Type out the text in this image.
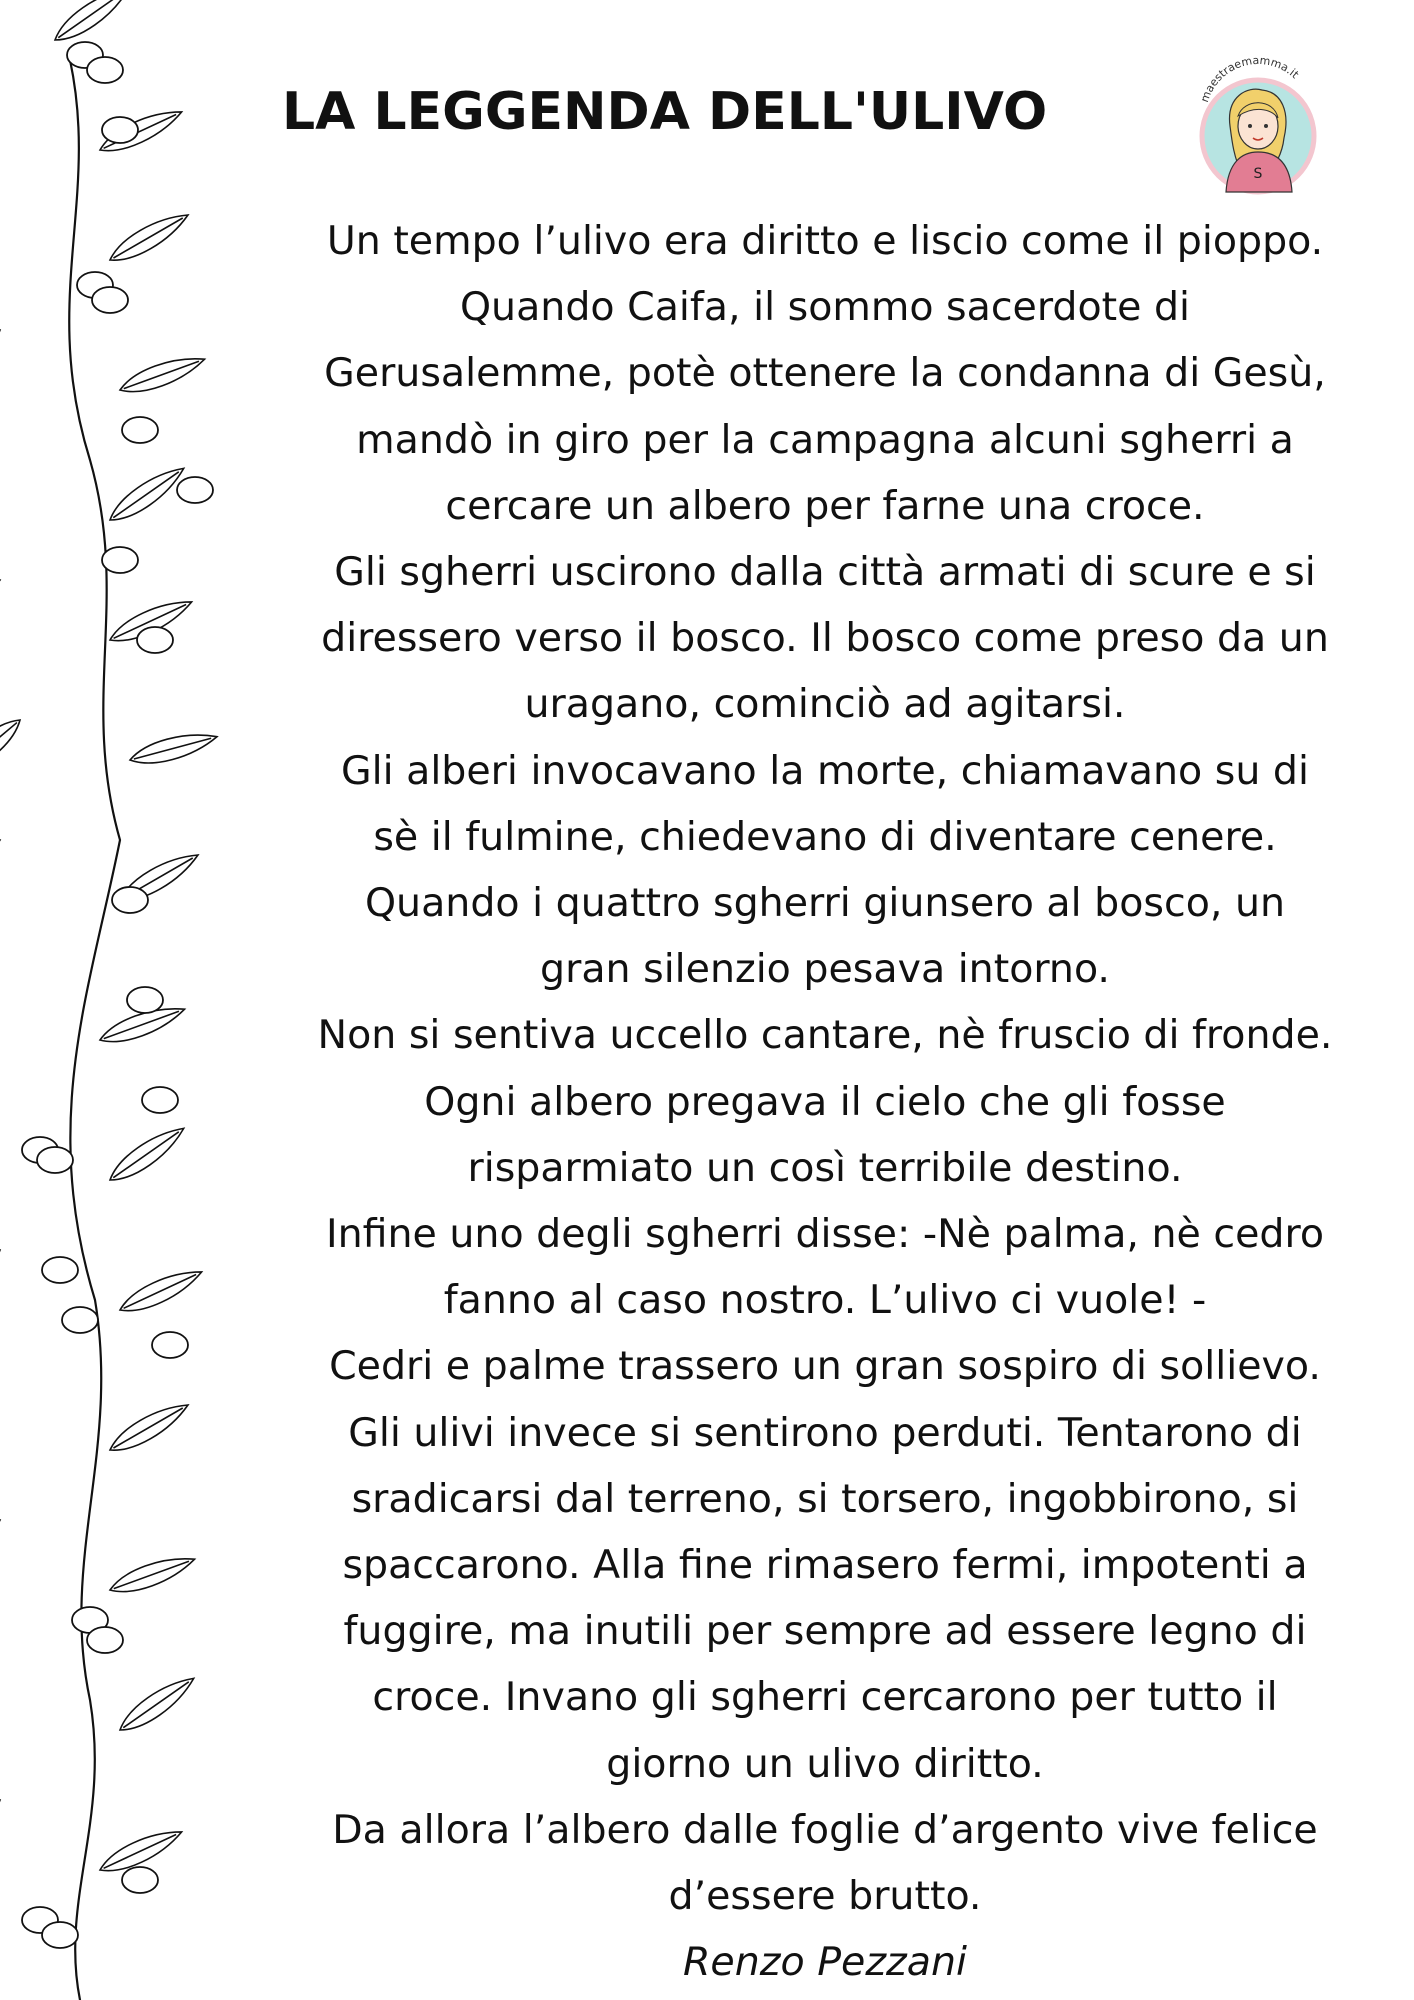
LA LEGGENDA DELL'ULIVO	maestraemamma.it
S
Un tempo l’ulivo era diritto e liscio come il pioppo.
Quando Caifa, il sommo sacerdote di
Gerusalemme, potè ottenere la condanna di Gesù,
mandò in giro per la campagna alcuni sgherri a
cercare un albero per farne una croce.
Gli sgherri uscirono dalla città armati di scure e si
diressero verso il bosco. Il bosco come preso da un
uragano, cominciò ad agitarsi.
Gli alberi invocavano la morte, chiamavano su di
sè il fulmine, chiedevano di diventare cenere.
Quando i quattro sgherri giunsero al bosco, un
gran silenzio pesava intorno.
Non si sentiva uccello cantare, nè fruscio di fronde.
Ogni albero pregava il cielo che gli fosse
risparmiato un così terribile destino.
Infine uno degli sgherri disse: -Nè palma, nè cedro
fanno al caso nostro. L’ulivo ci vuole! -
Cedri e palme trassero un gran sospiro di sollievo.
Gli ulivi invece si sentirono perduti. Tentarono di
sradicarsi dal terreno, si torsero, ingobbirono, si
spaccarono. Alla fine rimasero fermi, impotenti a
fuggire, ma inutili per sempre ad essere legno di
croce. Invano gli sgherri cercarono per tutto il
giorno un ulivo diritto.
Da allora l’albero dalle foglie d’argento vive felice
d’essere brutto.
Renzo Pezzani
